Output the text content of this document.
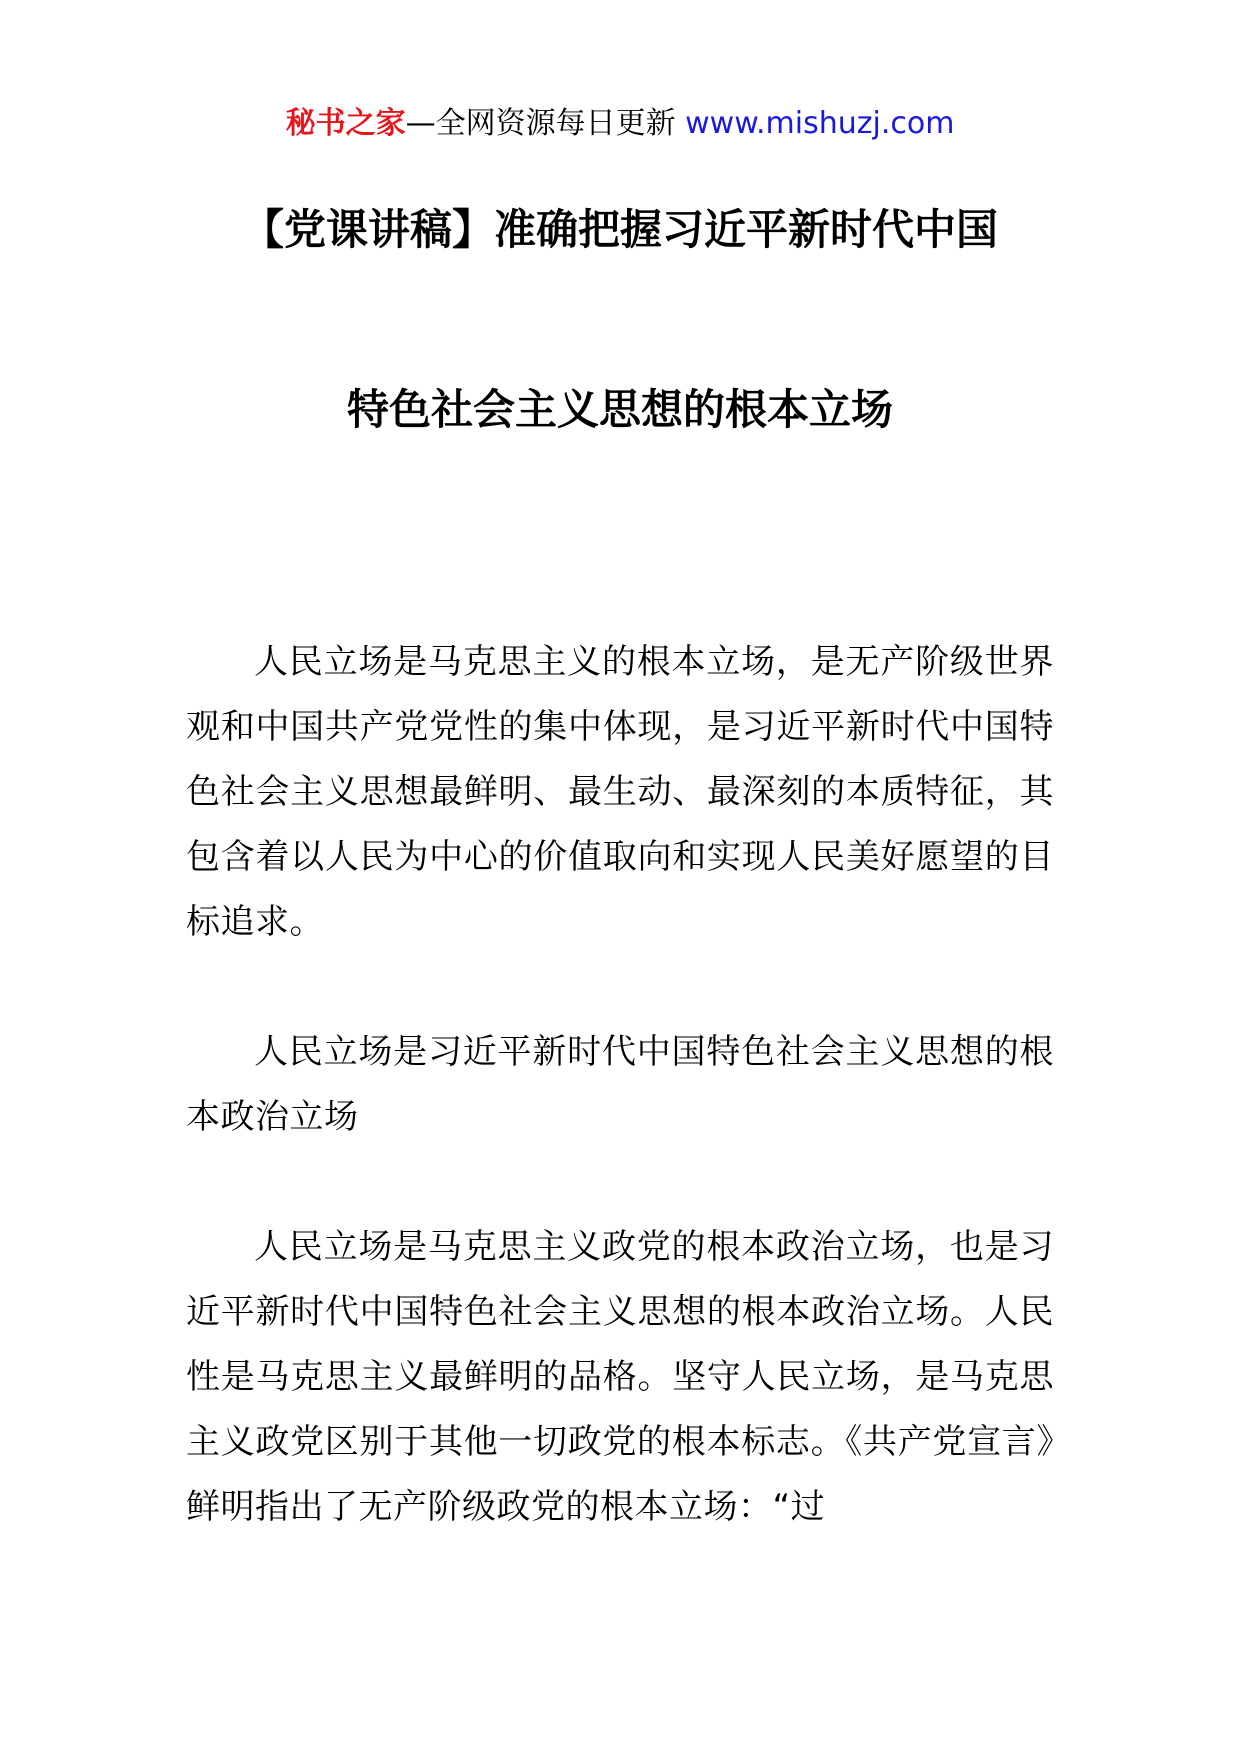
秘书之家—全网资源每日更新 www.mishuzj.com
【党课讲稿】准确把握习近平新时代中国
特色社会主义思想的根本立场

人民立场是马克思主义的根本立场，是无产阶级世界观和中国共产党党性的集中体现，是习近平新时代中国特色社会主义思想最鲜明、最生动、最深刻的本质特征，其包含着以人民为中心的价值取向和实现人民美好愿望的目标追求。

人民立场是习近平新时代中国特色社会主义思想的根本政治立场

人民立场是马克思主义政党的根本政治立场，也是习近平新时代中国特色社会主义思想的根本政治立场。人民性是马克思主义最鲜明的品格。坚守人民立场，是马克思主义政党区别于其他一切政党的根本标志。《共产党宣言》鲜明指出了无产阶级政党的根本立场：“过
